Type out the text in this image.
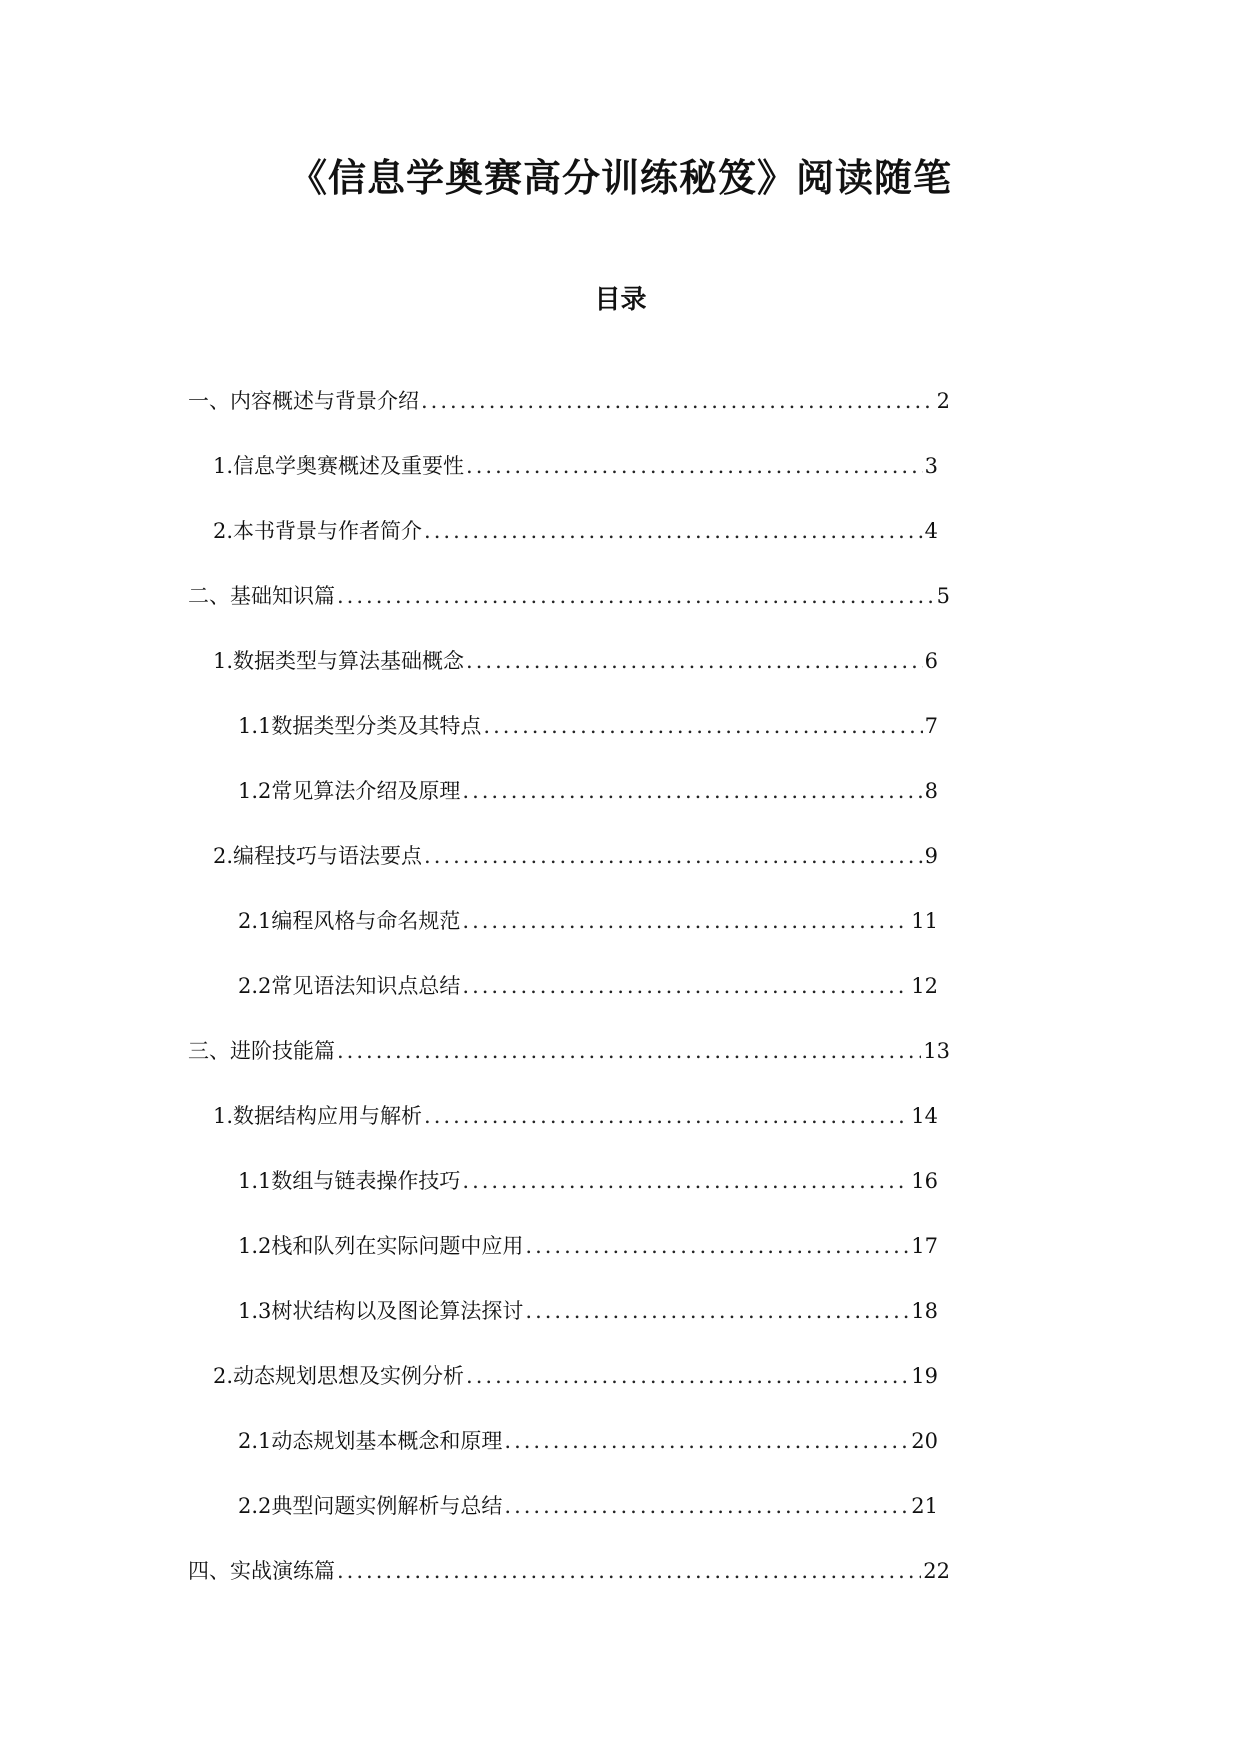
《信息学奥赛高分训练秘笈》阅读随笔
目录
一、 内容概述与背景介绍 .....	2
1. 信息学奥赛概述及重要性 .....	3
2. 本书背景与作者简介 .....	4
二、 基础知识篇 .....	5
1. 数据类型与算法基础概念 .....	6
1.1 数据类型分类及其特点 .....	7
1.2 常见算法介绍及原理 .....	8
2. 编程技巧与语法要点 .....	9
2.1 编程风格与命名规范 .....	11
2.2 常见语法知识点总结 .....	12
三、 进阶技能篇 .....	13
1. 数据结构应用与解析 .....	14
1.1 数组与链表操作技巧 .....	16
1.2 栈和队列在实际问题中应用 .....	17
1.3 树状结构以及图论算法探讨 .....	18
2. 动态规划思想及实例分析 .....	19
2.1 动态规划基本概念和原理 .....	20
2.2 典型问题实例解析与总结 .....	21
四、 实战演练篇 .....	22
